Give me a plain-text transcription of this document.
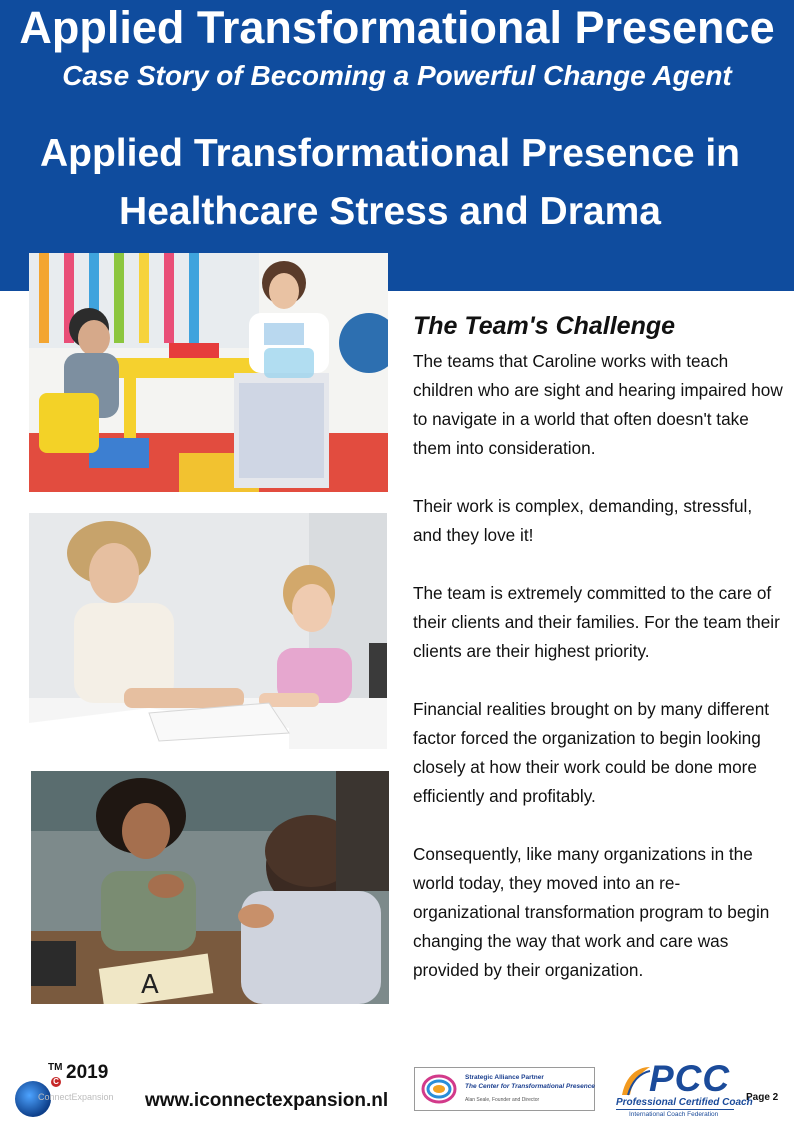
Applied Transformational Presence
Case Story of Becoming a Powerful Change Agent
Applied Transformational Presence in Healthcare Stress and Drama
A
The Team's Challenge

The teams that Caroline works with teach children who are sight and hearing impaired how to navigate in a world that often doesn't take them into consideration.

Their work is complex, demanding, stressful, and they love it!

The team is extremely committed to the care of their clients and their families. For the team their clients are their highest priority.

Financial realities brought on by many different factor forced the organization to begin looking closely at how their work could be done more efficiently and profitably.

Consequently, like many organizations in the world today, they moved into an re-organizational transformation program to begin changing the way that work and care was provided by their organization.

TM
C 2019
ConnectExpansion www.iconnectexpansion.nl
Strategic Alliance Partner
The Center for Transformational Presence
Alan Seale, Founder and Director
PCC
Professional Certified Coach
International Coach Federation
Page 2
